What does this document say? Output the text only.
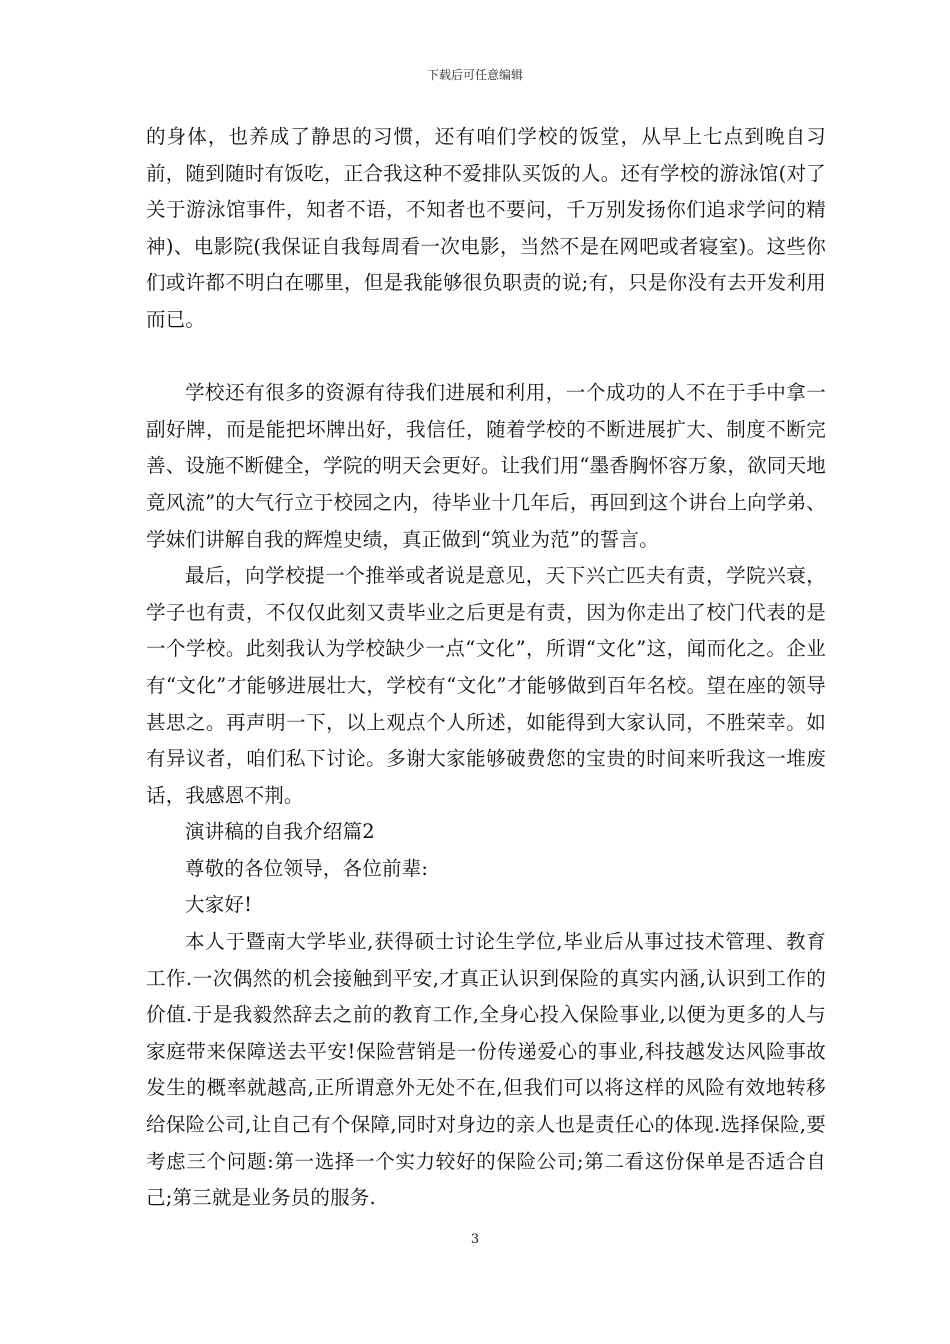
下载后可任意编辑

的身体，也养成了静思的习惯，还有咱们学校的饭堂，从早上七点到晚自习前，随到随时有饭吃，正合我这种不爱排队买饭的人。还有学校的游泳馆(对了关于游泳馆事件，知者不语，不知者也不要问，千万别发扬你们追求学问的精神)、电影院(我保证自我每周看一次电影，当然不是在网吧或者寝室)。这些你们或许都不明白在哪里，但是我能够很负职责的说;有，只是你没有去开发利用而已。

学校还有很多的资源有待我们进展和利用，一个成功的人不在于手中拿一副好牌，而是能把坏牌出好，我信任，随着学校的不断进展扩大、制度不断完善、设施不断健全，学院的明天会更好。让我们用“墨香胸怀容万象，欲同天地竟风流”的大气行立于校园之内，待毕业十几年后，再回到这个讲台上向学弟、学妹们讲解自我的辉煌史绩，真正做到“筑业为范”的誓言。

最后，向学校提一个推举或者说是意见，天下兴亡匹夫有责，学院兴衰，学子也有责，不仅仅此刻又责毕业之后更是有责，因为你走出了校门代表的是一个学校。此刻我认为学校缺少一点“文化”，所谓“文化”这，闻而化之。企业有“文化”才能够进展壮大，学校有“文化”才能够做到百年名校。望在座的领导甚思之。再声明一下，以上观点个人所述，如能得到大家认同，不胜荣幸。如有异议者，咱们私下讨论。多谢大家能够破费您的宝贵的时间来听我这一堆废话，我感恩不荆。

演讲稿的自我介绍篇2

尊敬的各位领导，各位前辈:

大家好!

本人于暨南大学毕业,获得硕士讨论生学位,毕业后从事过技术管理、教育工作.一次偶然的机会接触到平安,才真正认识到保险的真实内涵,认识到工作的价值.于是我毅然辞去之前的教育工作,全身心投入保险事业,以便为更多的人与家庭带来保障送去平安!保险营销是一份传递爱心的事业,科技越发达风险事故发生的概率就越高,正所谓意外无处不在,但我们可以将这样的风险有效地转移给保险公司,让自己有个保障,同时对身边的亲人也是责任心的体现.选择保险,要考虑三个问题:第一选择一个实力较好的保险公司;第二看这份保单是否适合自己;第三就是业务员的服务.

3
